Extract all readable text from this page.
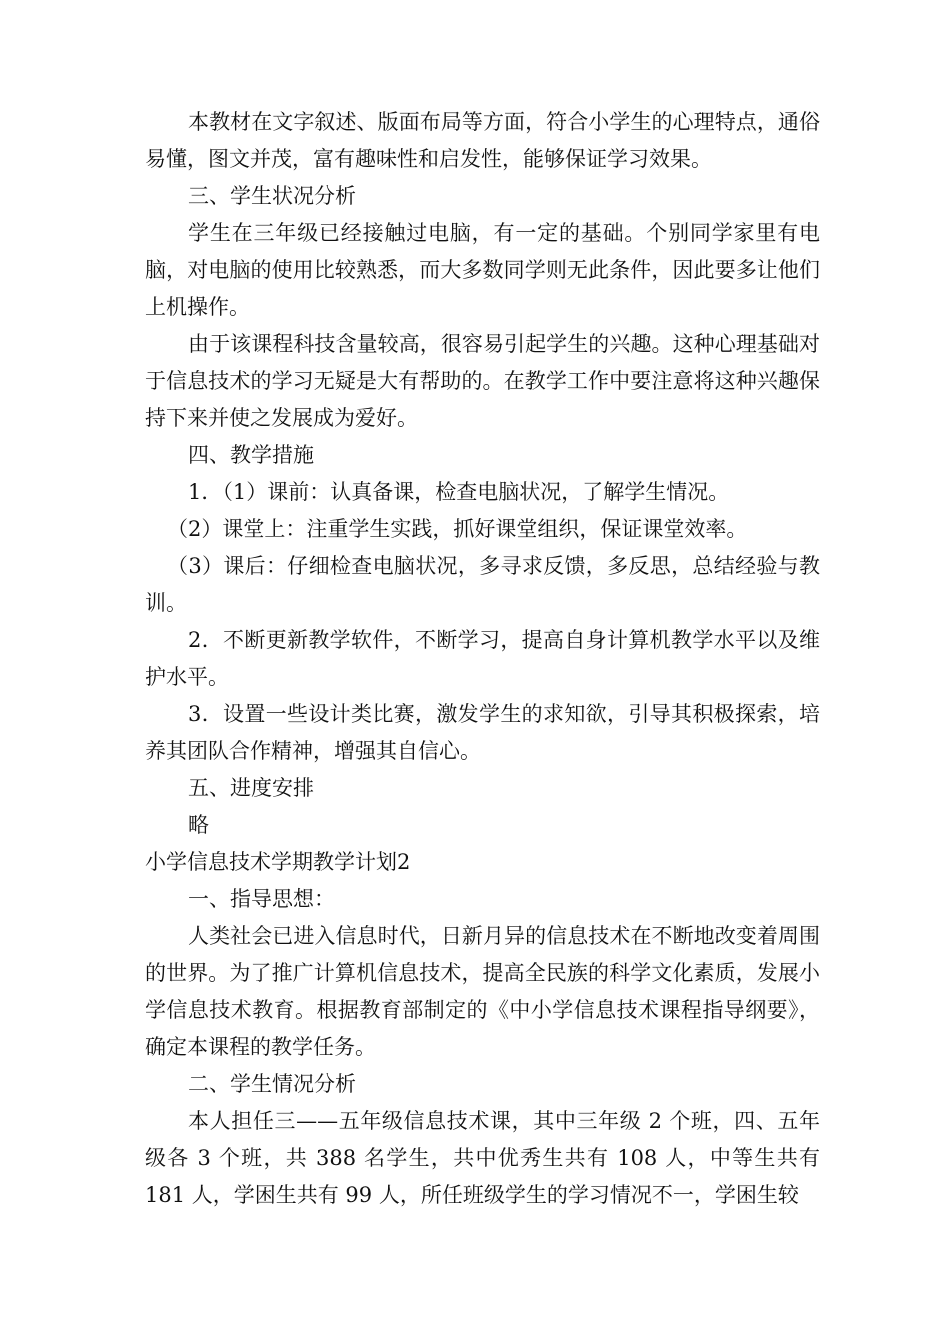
本教材在文字叙述、版面布局等方面，符合小学生的心理特点，通俗易懂，图文并茂，富有趣味性和启发性，能够保证学习效果。

三、学生状况分析

学生在三年级已经接触过电脑，有一定的基础。个别同学家里有电脑，对电脑的使用比较熟悉，而大多数同学则无此条件，因此要多让他们上机操作。

由于该课程科技含量较高，很容易引起学生的兴趣。这种心理基础对于信息技术的学习无疑是大有帮助的。在教学工作中要注意将这种兴趣保持下来并使之发展成为爱好。

四、教学措施

1．（1）课前：认真备课，检查电脑状况，了解学生情况。

（2）课堂上：注重学生实践，抓好课堂组织，保证课堂效率。

（3）课后：仔细检查电脑状况，多寻求反馈，多反思，总结经验与教训。

2．不断更新教学软件，不断学习，提高自身计算机教学水平以及维护水平。

3．设置一些设计类比赛，激发学生的求知欲，引导其积极探索，培养其团队合作精神，增强其自信心。

五、进度安排

略

小学信息技术学期教学计划2

一、指导思想：

人类社会已进入信息时代，日新月异的信息技术在不断地改变着周围的世界。为了推广计算机信息技术，提高全民族的科学文化素质，发展小学信息技术教育。根据教育部制定的《中小学信息技术课程指导纲要》，确定本课程的教学任务。

二、学生情况分析

本人担任三——五年级信息技术课，其中三年级 2 个班，四、五年级各 3 个班，共 388 名学生，共中优秀生共有 108 人，中等生共有 181 人，学困生共有 99 人，所任班级学生的学习情况不一，学困生较
